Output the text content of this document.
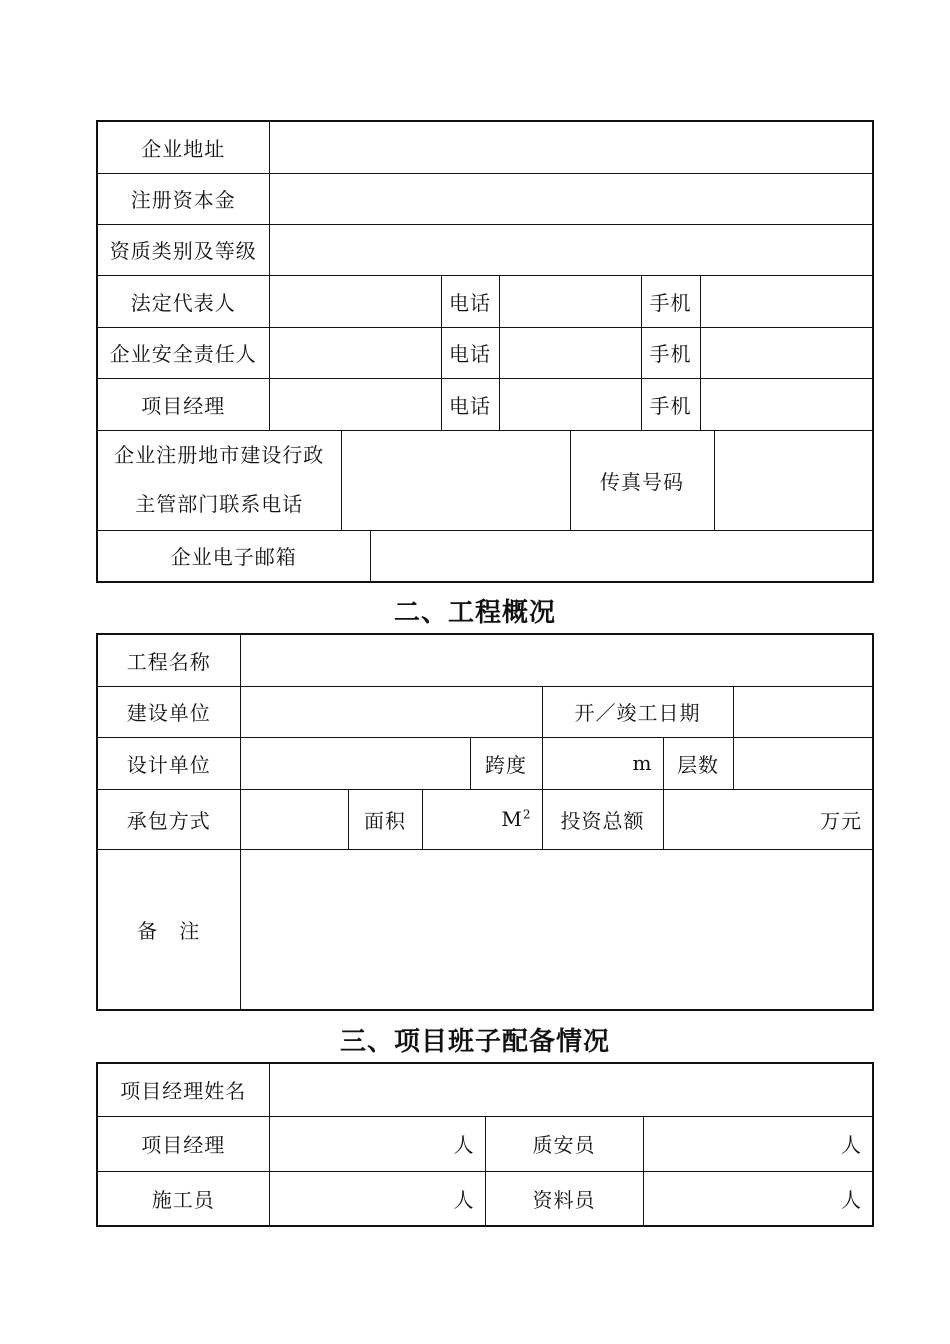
企业地址									
注册资本金									
资质类别及等级									
法定代表人				电话			手机		
企业安全责任人				电话			手机		
项目经理				电话			手机		
企业注册地市建设行政
主管部门联系电话						传真号码			
企业电子邮箱									
二、工程概况
工程名称							
建设单位					开／竣工日期		
设计单位				跨度	m	层数	
承包方式		面积	$M^2$		投资总额	万元	
备　注							
三、项目班子配备情况
项目经理姓名			
项目经理	人	质安员	人
施工员	人	资料员	人
